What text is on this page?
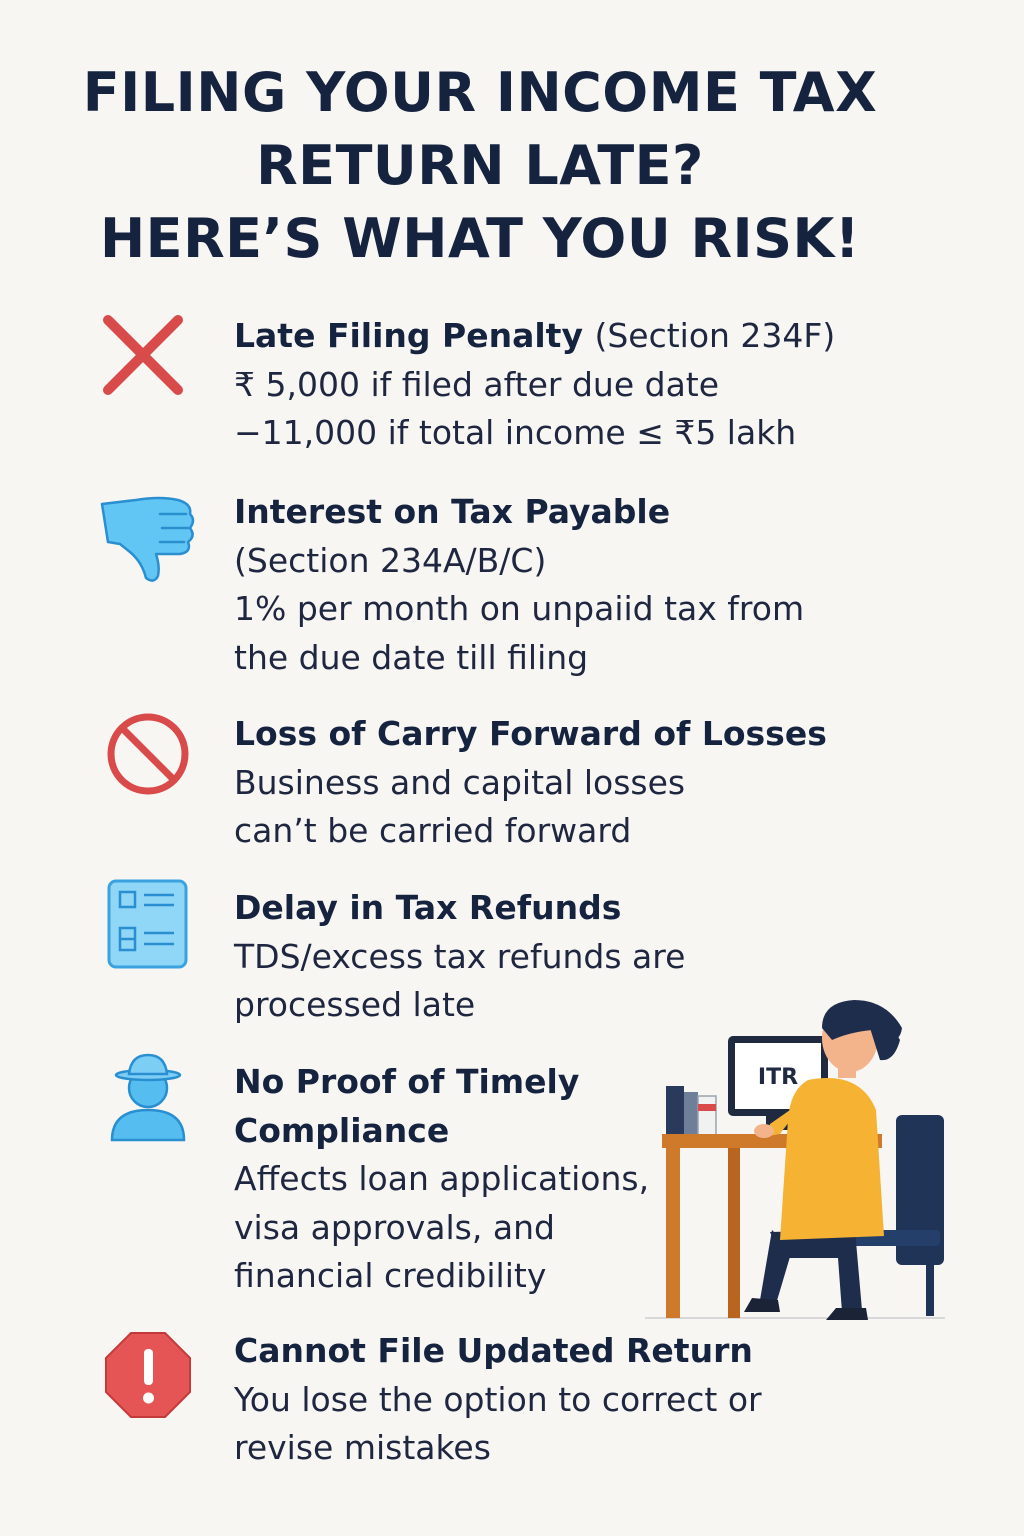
FILING YOUR INCOME TAX
RETURN LATE?
HERE’S WHAT YOU RISK!
Late Filing Penalty (Section 234F)
₹ 5,000 if filed after due date
−11,000 if total income ≤ ₹5 lakh
Interest on Tax Payable
(Section 234A/B/C)
1% per month on unpaiid tax from
the due date till filing
Loss of Carry Forward of Losses
Business and capital losses
can’t be carried forward
Delay in Tax Refunds
TDS/excess tax refunds are
processed late
No Proof of Timely
Compliance
Affects loan applications,
visa approvals, and
financial credibility
Cannot File Updated Return
You lose the option to correct or
revise mistakes
ITR
